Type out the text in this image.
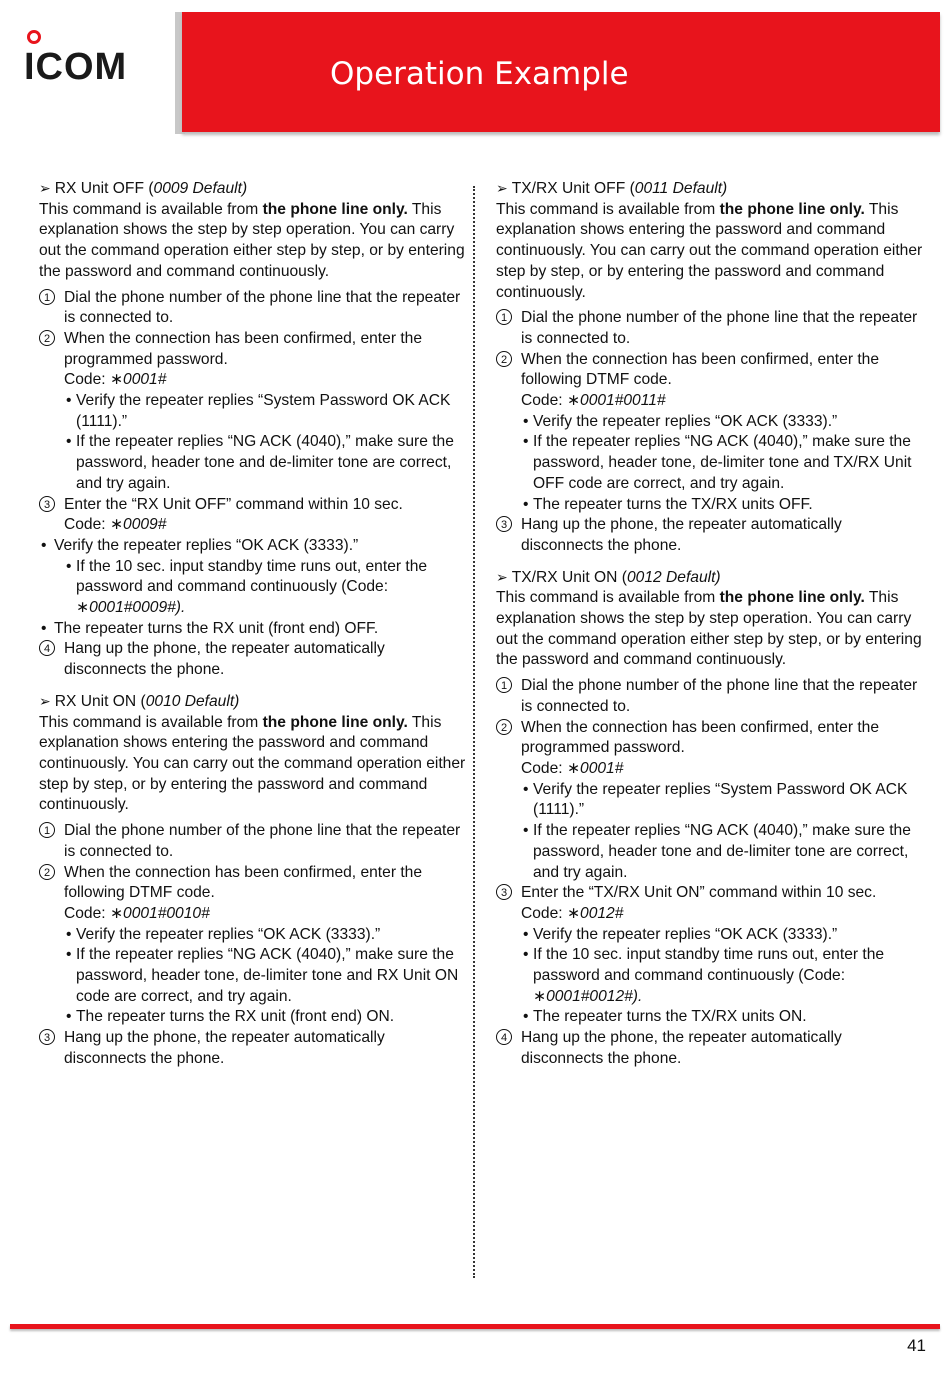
ICOM	Operation Example
➢ RX Unit OFF (0009 Default)

This command is available from the phone line only. This explanation shows the step by step operation. You can carry out the command operation either step by step, or by entering the password and command continuously.

1 Dial the phone number of the phone line that the repeater is connected to.
2 When the connection has been confirmed, enter the programmed password.
Code: ∗0001#
• Verify the repeater replies “System Password OK ACK (1111).”
• If the repeater replies “NG ACK (4040),” make sure the password, header tone and de-limiter tone are correct, and try again.
3 Enter the “RX Unit OFF” command within 10 sec.
Code: ∗0009#
• Verify the repeater replies “OK ACK (3333).”
• If the 10 sec. input standby time runs out, enter the password and command continuously (Code: ∗0001#0009#).
• The repeater turns the RX unit (front end) OFF.
4 Hang up the phone, the repeater automatically disconnects the phone.
➢ RX Unit ON (0010 Default)

This command is available from the phone line only. This explanation shows entering the password and command continuously. You can carry out the command operation either step by step, or by entering the password and command continuously.

1 Dial the phone number of the phone line that the repeater is connected to.
2 When the connection has been confirmed, enter the following DTMF code.
Code: ∗0001#0010#
• Verify the repeater replies “OK ACK (3333).”
• If the repeater replies “NG ACK (4040),” make sure the password, header tone, de-limiter tone and RX Unit ON code are correct, and try again.
• The repeater turns the RX unit (front end) ON.
3 Hang up the phone, the repeater automatically disconnects the phone.
➢ TX/RX Unit OFF (0011 Default)

This command is available from the phone line only. This explanation shows entering the password and command continuously. You can carry out the command operation either step by step, or by entering the password and command continuously.

1 Dial the phone number of the phone line that the repeater is connected to.
2 When the connection has been confirmed, enter the following DTMF code.
Code: ∗0001#0011#
• Verify the repeater replies “OK ACK (3333).”
• If the repeater replies “NG ACK (4040),” make sure the password, header tone, de-limiter tone and TX/RX Unit OFF code are correct, and try again.
• The repeater turns the TX/RX units OFF.
3 Hang up the phone, the repeater automatically disconnects the phone.
➢ TX/RX Unit ON (0012 Default)

This command is available from the phone line only. This explanation shows the step by step operation. You can carry out the command operation either step by step, or by entering the password and command continuously.

1 Dial the phone number of the phone line that the repeater is connected to.
2 When the connection has been confirmed, enter the programmed password.
Code: ∗0001#
• Verify the repeater replies “System Password OK ACK (1111).”
• If the repeater replies “NG ACK (4040),” make sure the password, header tone and de-limiter tone are correct, and try again.
3 Enter the “TX/RX Unit ON” command within 10 sec.
Code: ∗0012#
• Verify the repeater replies “OK ACK (3333).”
• If the 10 sec. input standby time runs out, enter the password and command continuously (Code: ∗0001#0012#).
• The repeater turns the TX/RX units ON.
4 Hang up the phone, the repeater automatically disconnects the phone.
41
